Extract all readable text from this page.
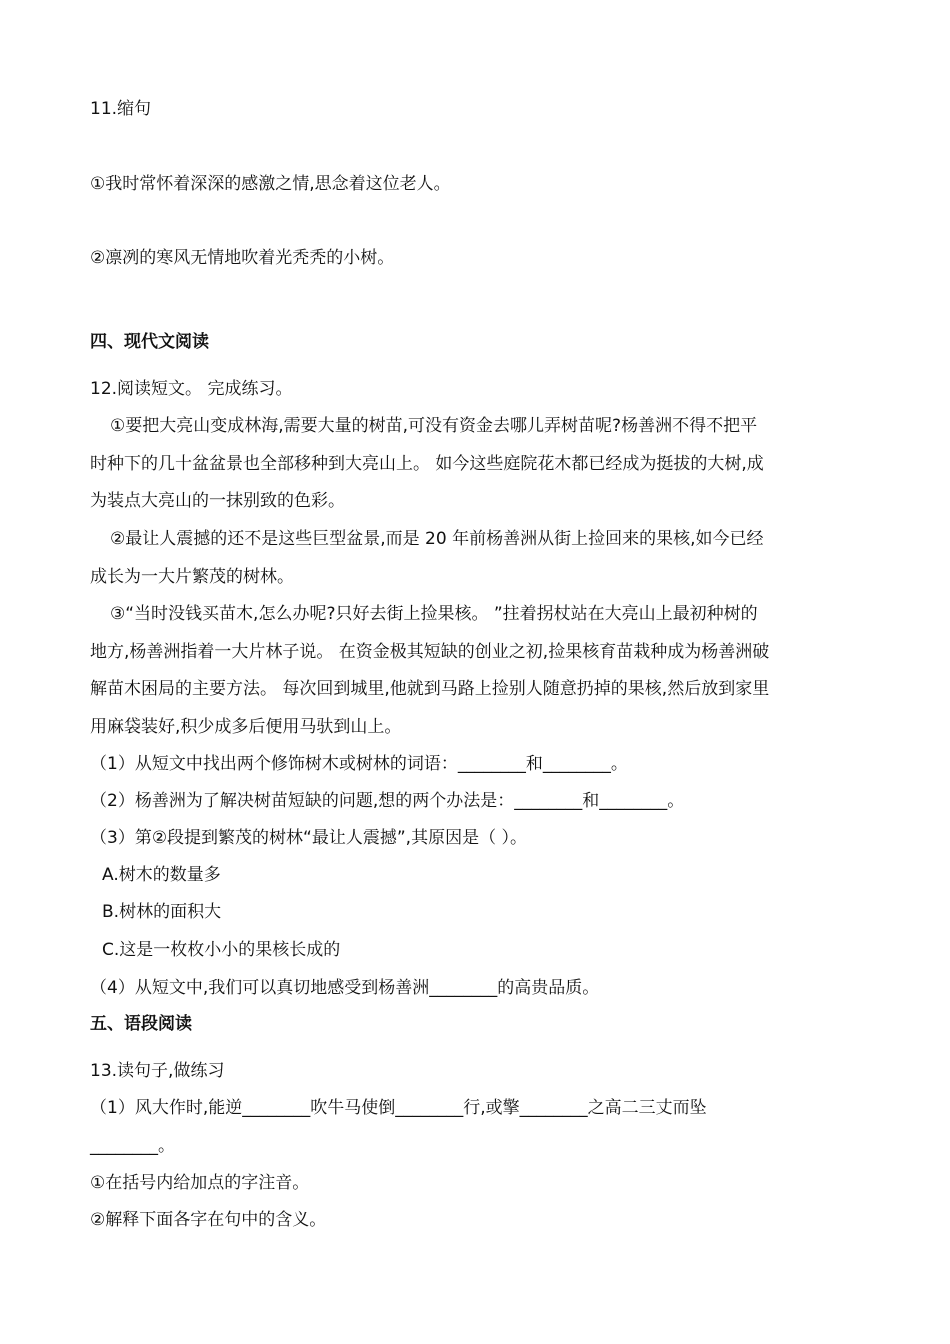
11.缩句
①我时常怀着深深的感激之情,思念着这位老人。
②凛冽的寒风无情地吹着光秃秃的小树。
四、现代文阅读
12.阅读短文。 完成练习。
①要把大亮山变成林海,需要大量的树苗,可没有资金去哪儿弄树苗呢?杨善洲不得不把平
时种下的几十盆盆景也全部移种到大亮山上。 如今这些庭院花木都已经成为挺拔的大树,成
为装点大亮山的一抹别致的色彩。
②最让人震撼的还不是这些巨型盆景,而是 20 年前杨善洲从街上捡回来的果核,如今已经
成长为一大片繁茂的树林。
③“当时没钱买苗木,怎么办呢?只好去街上捡果核。 ”拄着拐杖站在大亮山上最初种树的
地方,杨善洲指着一大片林子说。 在资金极其短缺的创业之初,捡果核育苗栽种成为杨善洲破
解苗木困局的主要方法。 每次回到城里,他就到马路上捡别人随意扔掉的果核,然后放到家里
用麻袋装好,积少成多后便用马驮到山上。
（1）从短文中找出两个修饰树木或树林的词语：________和________。
（2）杨善洲为了解决树苗短缺的问题,想的两个办法是：________和________。
（3）第②段提到繁茂的树林“最让人震撼”,其原因是（ ）。
A.树木的数量多
B.树林的面积大
C.这是一枚枚小小的果核长成的
（4）从短文中,我们可以真切地感受到杨善洲________的高贵品质。
五、语段阅读
13.读句子,做练习
（1）风大作时,能逆________吹牛马使倒________行,或擎________之高二三丈而坠
________。
①在括号内给加点的字注音。
②解释下面各字在句中的含义。
